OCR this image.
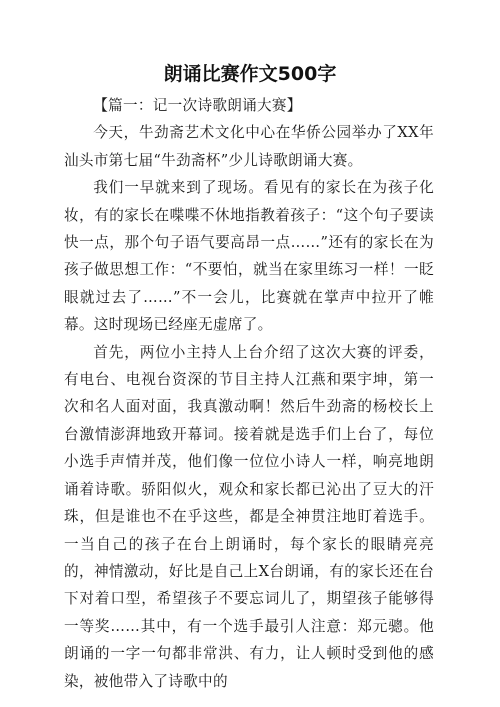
朗诵比赛作文500字

【篇一：记一次诗歌朗诵大赛】

今天，牛劲斋艺术文化中心在华侨公园举办了XX年汕头市第七届“牛劲斋杯”少儿诗歌朗诵大赛。

我们一早就来到了现场。看见有的家长在为孩子化妆，有的家长在喋喋不休地指教着孩子：“这个句子要读快一点，那个句子语气要高昂一点……”还有的家长在为孩子做思想工作：“不要怕，就当在家里练习一样！一眨眼就过去了……”不一会儿，比赛就在掌声中拉开了帷幕。这时现场已经座无虚席了。

首先，两位小主持人上台介绍了这次大赛的评委，有电台、电视台资深的节目主持人江燕和栗宇坤，第一次和名人面对面，我真激动啊！然后牛劲斋的杨校长上台激情澎湃地致开幕词。接着就是选手们上台了，每位小选手声情并茂，他们像一位位小诗人一样，响亮地朗诵着诗歌。骄阳似火，观众和家长都已沁出了豆大的汗珠，但是谁也不在乎这些，都是全神贯注地盯着选手。一当自己的孩子在台上朗诵时，每个家长的眼睛亮亮的，神情激动，好比是自己上X台朗诵，有的家长还在台下对着口型，希望孩子不要忘词儿了，期望孩子能够得一等奖……其中，有一个选手最引人注意：郑元骢。他朗诵的一字一句都非常洪、有力，让人顿时受到他的感染，被他带入了诗歌中的
